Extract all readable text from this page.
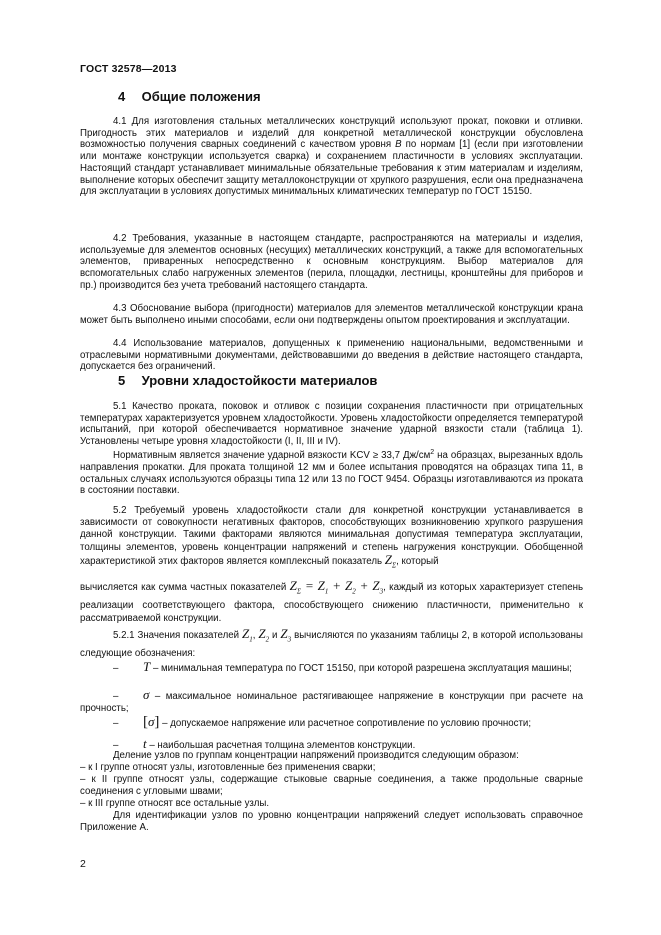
ГОСТ 32578—2013
4 Общие положения
4.1 Для изготовления стальных металлических конструкций используют прокат, поковки и отливки. Пригодность этих материалов и изделий для конкретной металлической конструкции обусловлена возможностью получения сварных соединений с качеством уровня B по нормам [1] (если при изготовлении или монтаже конструкции используется сварка) и сохранением пластичности в условиях эксплуатации. Настоящий стандарт устанавливает минимальные обязательные требования к этим материалам и изделиям, выполнение которых обеспечит защиту металлоконструкции от хрупкого разрушения, если она предназначена для эксплуатации в условиях допустимых минимальных климатических температур по ГОСТ 15150.
4.2 Требования, указанные в настоящем стандарте, распространяются на материалы и изделия, используемые для элементов основных (несущих) металлических конструкций, а также для вспомогательных элементов, приваренных непосредственно к основным конструкциям. Выбор материалов для вспомогательных слабо нагруженных элементов (перила, площадки, лестницы, кронштейны для приборов и пр.) производится без учета требований настоящего стандарта.
4.3 Обоснование выбора (пригодности) материалов для элементов металлической конструкции крана может быть выполнено иными способами, если они подтверждены опытом проектирования и эксплуатации.
4.4 Использование материалов, допущенных к применению национальными, ведомственными и отраслевыми нормативными документами, действовавшими до введения в действие настоящего стандарта, допускается без ограничений.
5 Уровни хладостойкости материалов
5.1 Качество проката, поковок и отливок с позиции сохранения пластичности при отрицательных температурах характеризуется уровнем хладостойкости. Уровень хладостойкости определяется температурой испытаний, при которой обеспечивается нормативное значение ударной вязкости стали (таблица 1). Установлены четыре уровня хладостойкости (I, II, III и IV).
Нормативным является значение ударной вязкости KCV ≥ 33,7 $Дж/см^2$ на образцах, вырезанных вдоль направления прокатки. Для проката толщиной 12 мм и более испытания проводятся на образцах типа 11, в остальных случаях используются образцы типа 12 или 13 по ГОСТ 9454. Образцы изготавливаются из проката в состоянии поставки.
5.2 Требуемый уровень хладостойкости стали для конкретной конструкции устанавливается в зависимости от совокупности негативных факторов, способствующих возникновению хрупкого разрушения данной конструкции. Такими факторами являются минимальная допустимая температура эксплуатации, толщины элементов, уровень концентрации напряжений и степень нагружения конструкции. Обобщенной характеристикой этих факторов является комплексный показатель $Z_\Sigma$, который
вычисляется как сумма частных показателей $Z_\Sigma = Z_1 + Z_2 + Z_3$, каждый из которых характеризует степень реализации соответствующего фактора, способствующего снижению пластичности, применительно к рассматриваемой конструкции.
5.2.1 Значения показателей $Z_1$, $Z_2$ и $Z_3$ вычисляются по указаниям таблицы 2, в которой использованы следующие обозначения:
– T – минимальная температура по ГОСТ 15150, при которой разрешена эксплуатация машины;
– σ – максимальное номинальное растягивающее напряжение в конструкции при расчете на прочность;
– [σ] – допускаемое напряжение или расчетное сопротивление по условию прочности;
– t – наибольшая расчетная толщина элементов конструкции.
Деление узлов по группам концентрации напряжений производится следующим образом:
– к I группе относят узлы, изготовленные без применения сварки;
– к II группе относят узлы, содержащие стыковые сварные соединения, а также продольные сварные соединения с угловыми швами;
– к III группе относят все остальные узлы.
Для идентификации узлов по уровню концентрации напряжений следует использовать справочное Приложение А.
2
